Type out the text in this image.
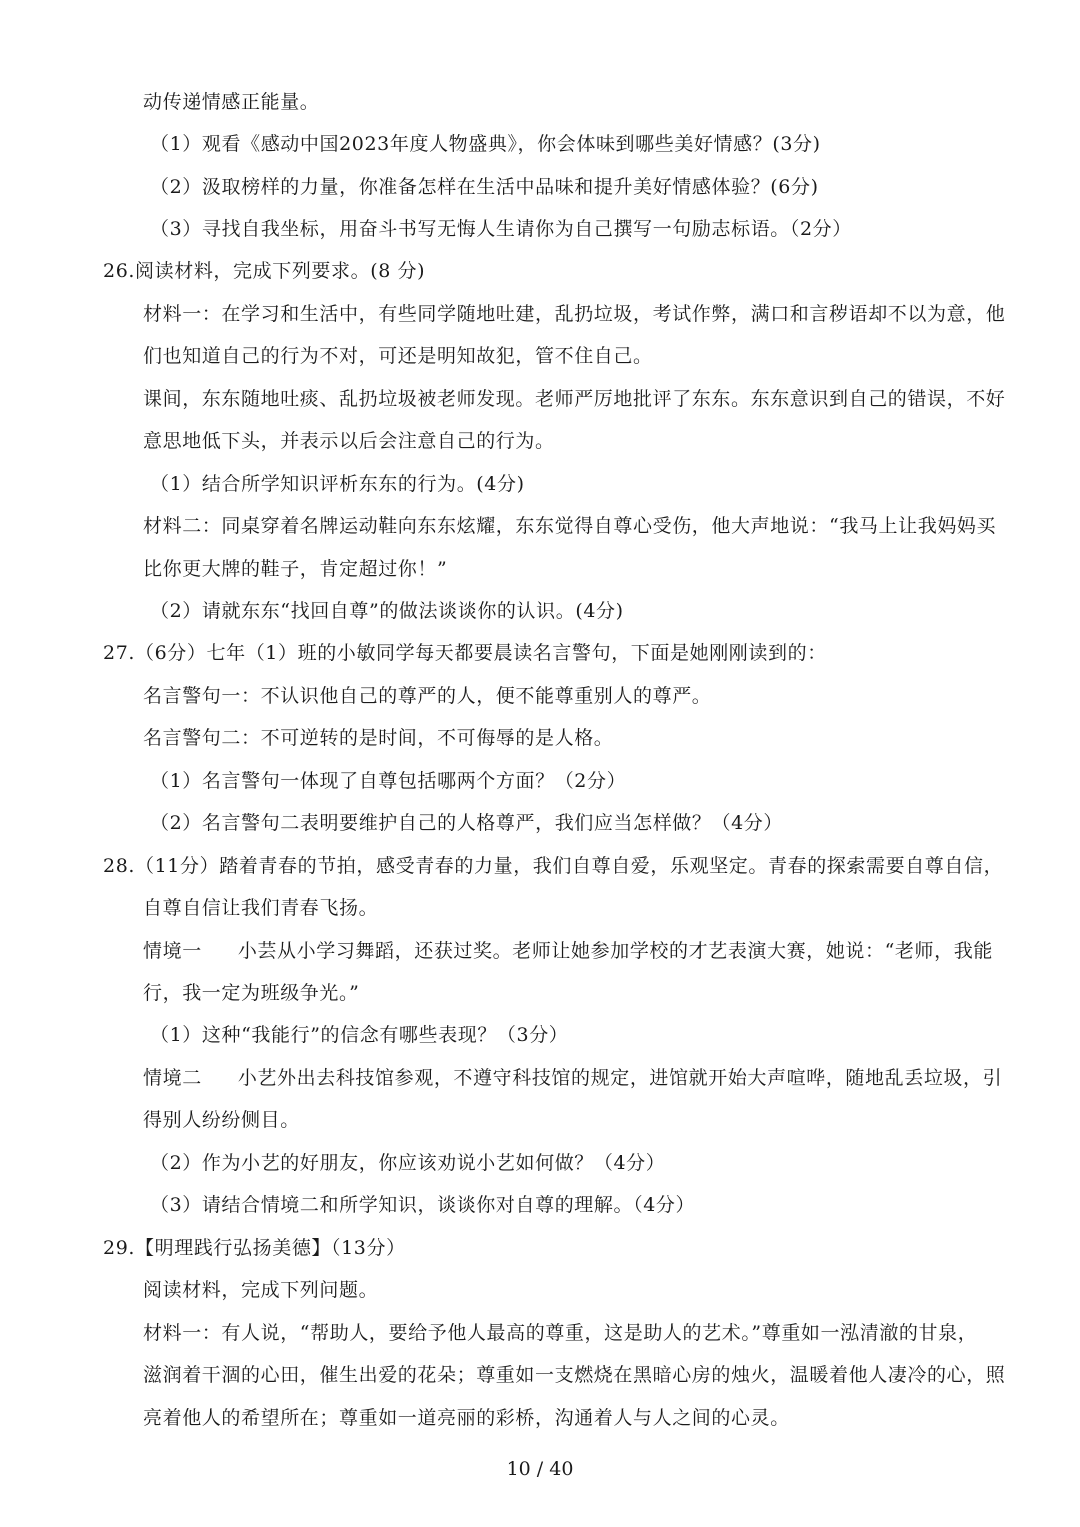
动传递情感正能量。
（1）观看《感动中国2023年度人物盛典》，你会体味到哪些美好情感？(3分)
（2）汲取榜样的力量，你准备怎样在生活中品味和提升美好情感体验？(6分)
（3）寻找自我坐标，用奋斗书写无悔人生请你为自己撰写一句励志标语。（2分）
26.阅读材料，完成下列要求。(8 分)
材料一：在学习和生活中，有些同学随地吐建，乱扔垃圾，考试作弊，满口和言秽语却不以为意，他
们也知道自己的行为不对，可还是明知故犯，管不住自己。
课间，东东随地吐痰、乱扔垃圾被老师发现。老师严厉地批评了东东。东东意识到自己的错误，不好
意思地低下头，并表示以后会注意自己的行为。
（1）结合所学知识评析东东的行为。(4分)
材料二：同桌穿着名牌运动鞋向东东炫耀，东东觉得自尊心受伤，他大声地说：“我马上让我妈妈买
比你更大牌的鞋子，肯定超过你！”
（2）请就东东“找回自尊”的做法谈谈你的认识。(4分)
27.（6分）七年（1）班的小敏同学每天都要晨读名言警句，下面是她刚刚读到的：
名言警句一：不认识他自己的尊严的人，便不能尊重别人的尊严。
名言警句二：不可逆转的是时间，不可侮辱的是人格。
（1）名言警句一体现了自尊包括哪两个方面？（2分）
（2）名言警句二表明要维护自己的人格尊严，我们应当怎样做？（4分）
28.（11分）踏着青春的节拍，感受青春的力量，我们自尊自爱，乐观坚定。青春的探索需要自尊自信，
自尊自信让我们青春飞扬。
情境一 小芸从小学习舞蹈，还获过奖。老师让她参加学校的才艺表演大赛，她说：“老师，我能
行，我一定为班级争光。”
（1）这种“我能行”的信念有哪些表现？（3分）
情境二 小艺外出去科技馆参观，不遵守科技馆的规定，进馆就开始大声喧哗，随地乱丢垃圾，引
得别人纷纷侧目。
（2）作为小艺的好朋友，你应该劝说小艺如何做？（4分）
（3）请结合情境二和所学知识，谈谈你对自尊的理解。（4分）
29.【明理践行弘扬美德】（13分）
阅读材料，完成下列问题。
材料一：有人说，“帮助人，要给予他人最高的尊重，这是助人的艺术。”尊重如一泓清澈的甘泉，
滋润着干涸的心田，催生出爱的花朵；尊重如一支燃烧在黑暗心房的烛火，温暖着他人凄冷的心，照
亮着他人的希望所在；尊重如一道亮丽的彩桥，沟通着人与人之间的心灵。
10 / 40
